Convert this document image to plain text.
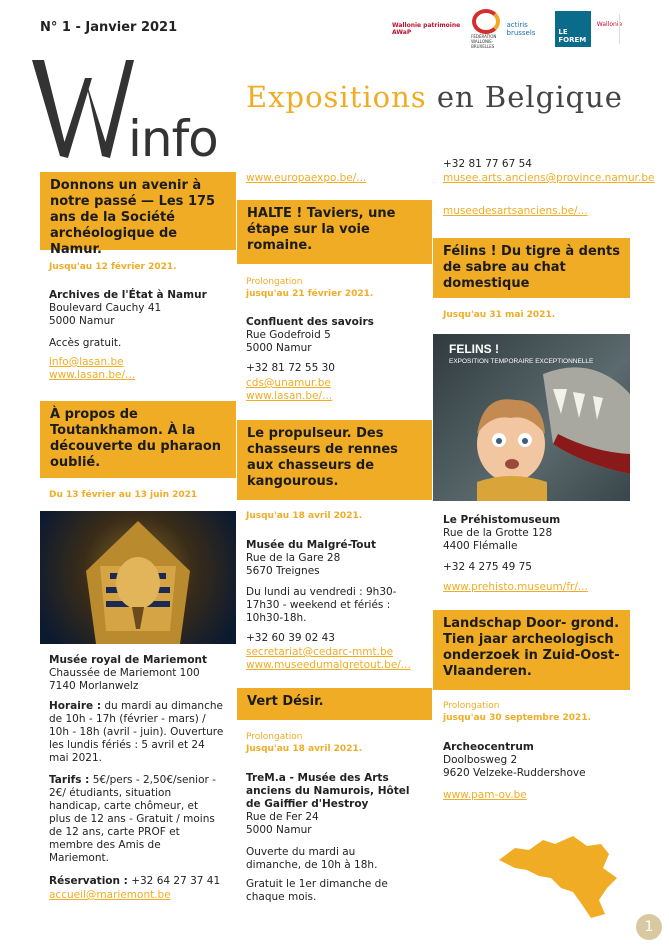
N° 1 - Janvier 2021	Wallonie patrimoine AWaP
FÉDÉRATION WALLONIE-BRUXELLES
actiris brussels	LE FOREM
Wallonie
info
Expositions en Belgique
Donnons un avenir à notre passé — Les 175 ans de la Société archéologique de Namur.
Jusqu'au 12 février 2021.
Archives de l'État à Namur
Boulevard Cauchy 41
5000 Namur
Accès gratuit.
info@lasan.be
www.lasan.be/...
À propos de Toutankhamon. À la découverte du pharaon oublié.
Du 13 février au 13 juin 2021
Musée royal de Mariemont
Chaussée de Mariemont 100
7140 Morlanwelz
Horaire : du mardi au dimanche de 10h - 17h (février - mars) / 10h - 18h (avril - juin). Ouverture les lundis fériés : 5 avril et 24 mai 2021.
Tarifs : 5€/pers - 2,50€/senior - 2€/ étudiants, situation handicap, carte chômeur, et plus de 12 ans - Gratuit / moins de 12 ans, carte PROF et membre des Amis de Mariemont.
Réservation : +32 64 27 37 41
accueil@mariemont.be
www.europaexpo.be/...
HALTE ! Taviers, une étape sur la voie romaine.
Prolongation
jusqu'au 21 février 2021.
Confluent des savoirs
Rue Godefroid 5
5000 Namur
+32 81 72 55 30
cds@unamur.be
www.lasan.be/...
Le propulseur. Des chasseurs de rennes aux chasseurs de kangourous.
Jusqu'au 18 avril 2021.
Musée du Malgré-Tout
Rue de la Gare 28
5670 Treignes
Du lundi au vendredi : 9h30-17h30 - weekend et fériés : 10h30-18h.
+32 60 39 02 43
secretariat@cedarc-mmt.be
www.museedumalgretout.be/...
Vert Désir.
Prolongation
Jusqu'au 18 avril 2021.
TreM.a - Musée des Arts anciens du Namurois, Hôtel de Gaiffier d'Hestroy
Rue de Fer 24
5000 Namur
Ouverte du mardi au dimanche, de 10h à 18h.
Gratuit le 1er dimanche de chaque mois.
+32 81 77 67 54
musee.arts.anciens@province.namur.be
museedesartsanciens.be/...
Félins ! Du tigre à dents de sabre au chat domestique
Jusqu'au 31 mai 2021.
FELINS !
EXPOSITION TEMPORAIRE EXCEPTIONNELLE
Le Préhistomuseum
Rue de la Grotte 128
4400 Flémalle
+32 4 275 49 75
www.prehisto.museum/fr/...
Landschap Door- grond. Tien jaar archeologisch onderzoek in Zuid-Oost-Vlaanderen.
Prolongation
jusqu'au 30 septembre 2021.
Archeocentrum
Doolbosweg 2
9620 Velzeke-Ruddershove
www.pam-ov.be
1
